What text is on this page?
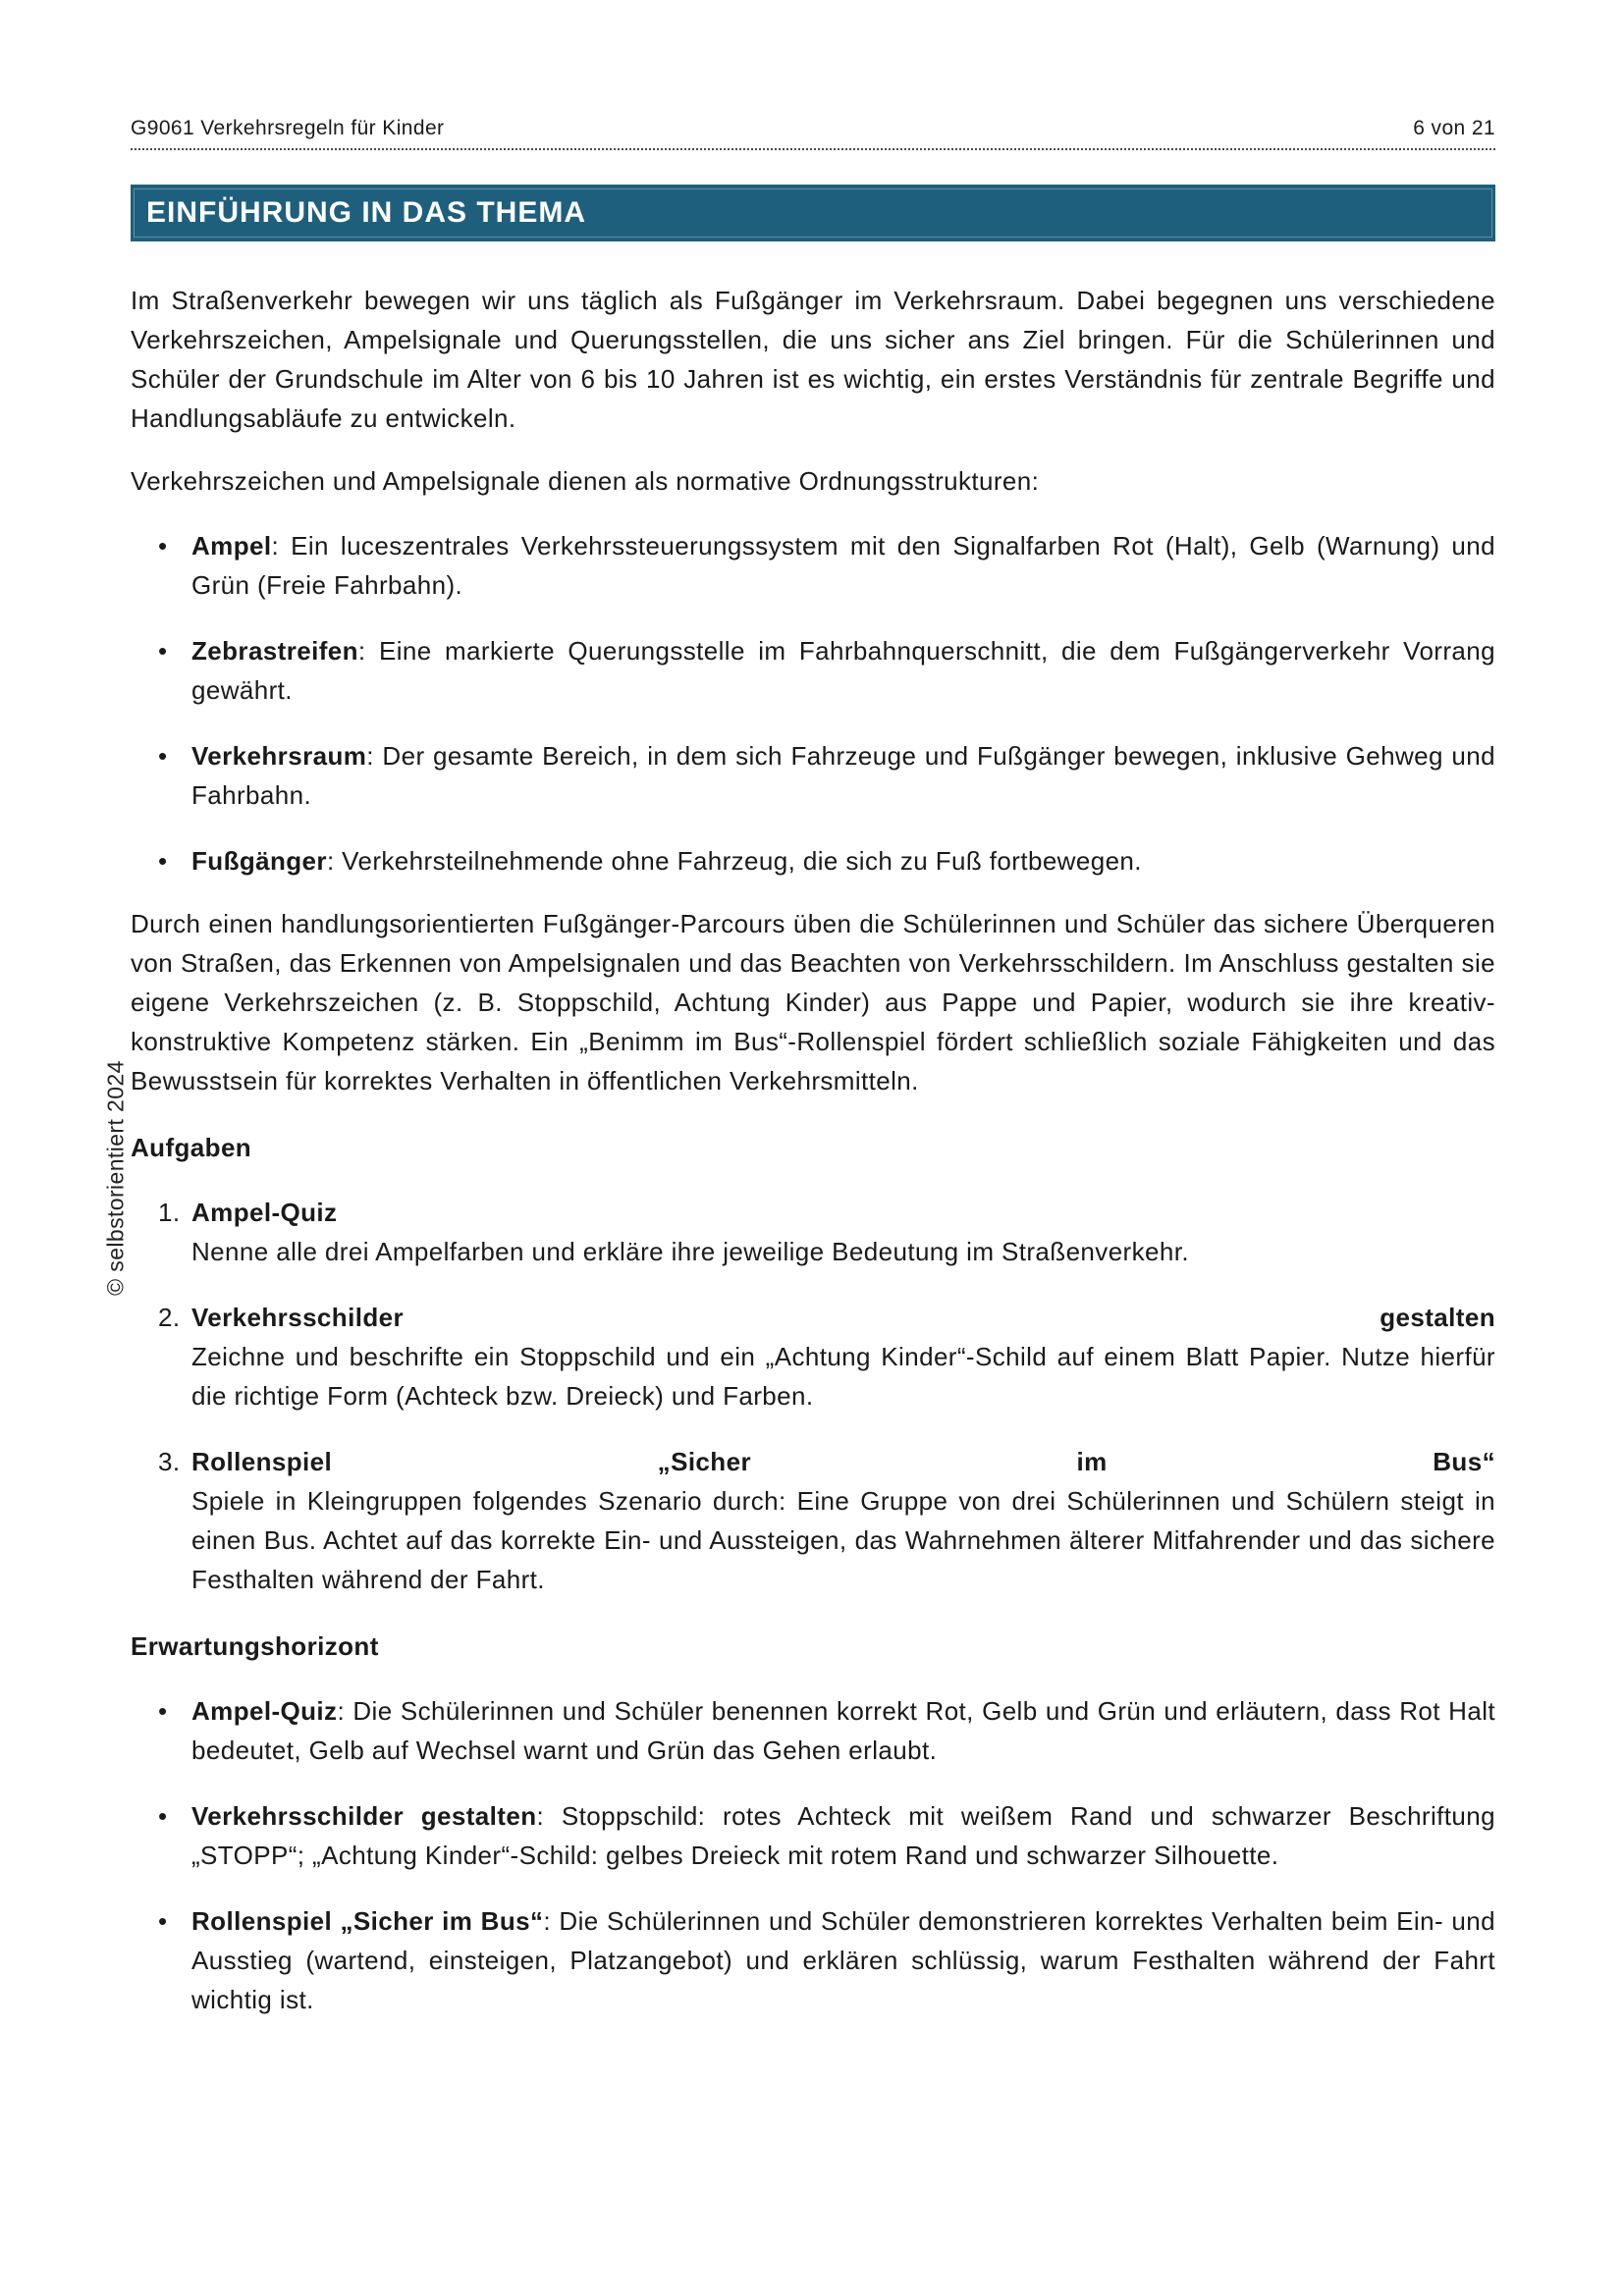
© selbstorientiert 2024
G9061 Verkehrsregeln für Kinder	6 von 21
EINFÜHRUNG IN DAS THEMA

Im Straßenverkehr bewegen wir uns täglich als Fußgänger im Verkehrsraum. Dabei begegnen uns verschiedene Verkehrszeichen, Ampelsignale und Querungsstellen, die uns sicher ans Ziel bringen. Für die Schülerinnen und Schüler der Grundschule im Alter von 6 bis 10 Jahren ist es wichtig, ein erstes Verständnis für zentrale Begriffe und Handlungsabläufe zu entwickeln.

Verkehrszeichen und Ampelsignale dienen als normative Ordnungsstrukturen:

• Ampel: Ein luceszentrales Verkehrssteuerungssystem mit den Signalfarben Rot (Halt), Gelb (Warnung) und Grün (Freie Fahrbahn).
• Zebrastreifen: Eine markierte Querungsstelle im Fahrbahnquerschnitt, die dem Fußgängerverkehr Vorrang gewährt.
• Verkehrsraum: Der gesamte Bereich, in dem sich Fahrzeuge und Fußgänger bewegen, inklusive Gehweg und Fahrbahn.
• Fußgänger: Verkehrsteilnehmende ohne Fahrzeug, die sich zu Fuß fortbewegen.

Durch einen handlungsorientierten Fußgänger-Parcours üben die Schülerinnen und Schüler das sichere Überqueren von Straßen, das Erkennen von Ampelsignalen und das Beachten von Verkehrsschildern. Im Anschluss gestalten sie eigene Verkehrszeichen (z. B. Stoppschild, Achtung Kinder) aus Pappe und Papier, wodurch sie ihre kreativ-konstruktive Kompetenz stärken. Ein „Benimm im Bus“-Rollenspiel fördert schließlich soziale Fähigkeiten und das Bewusstsein für korrektes Verhalten in öffentlichen Verkehrsmitteln.

Aufgaben

1. Ampel-Quiz
Nenne alle drei Ampelfarben und erkläre ihre jeweilige Bedeutung im Straßenverkehr.
2. Verkehrsschilder	gestalten
Zeichne und beschrifte ein Stoppschild und ein „Achtung Kinder“-Schild auf einem Blatt Papier. Nutze hierfür die richtige Form (Achteck bzw. Dreieck) und Farben.
3. Rollenspiel	„Sicher	im	Bus“
Spiele in Kleingruppen folgendes Szenario durch: Eine Gruppe von drei Schülerinnen und Schülern steigt in einen Bus. Achtet auf das korrekte Ein- und Aussteigen, das Wahrnehmen älterer Mitfahrender und das sichere Festhalten während der Fahrt.

Erwartungshorizont

• Ampel-Quiz: Die Schülerinnen und Schüler benennen korrekt Rot, Gelb und Grün und erläutern, dass Rot Halt bedeutet, Gelb auf Wechsel warnt und Grün das Gehen erlaubt.
• Verkehrsschilder gestalten: Stoppschild: rotes Achteck mit weißem Rand und schwarzer Beschriftung „STOPP“; „Achtung Kinder“-Schild: gelbes Dreieck mit rotem Rand und schwarzer Silhouette.
• Rollenspiel „Sicher im Bus“: Die Schülerinnen und Schüler demonstrieren korrektes Verhalten beim Ein- und Ausstieg (wartend, einsteigen, Platzangebot) und erklären schlüssig, warum Festhalten während der Fahrt wichtig ist.
